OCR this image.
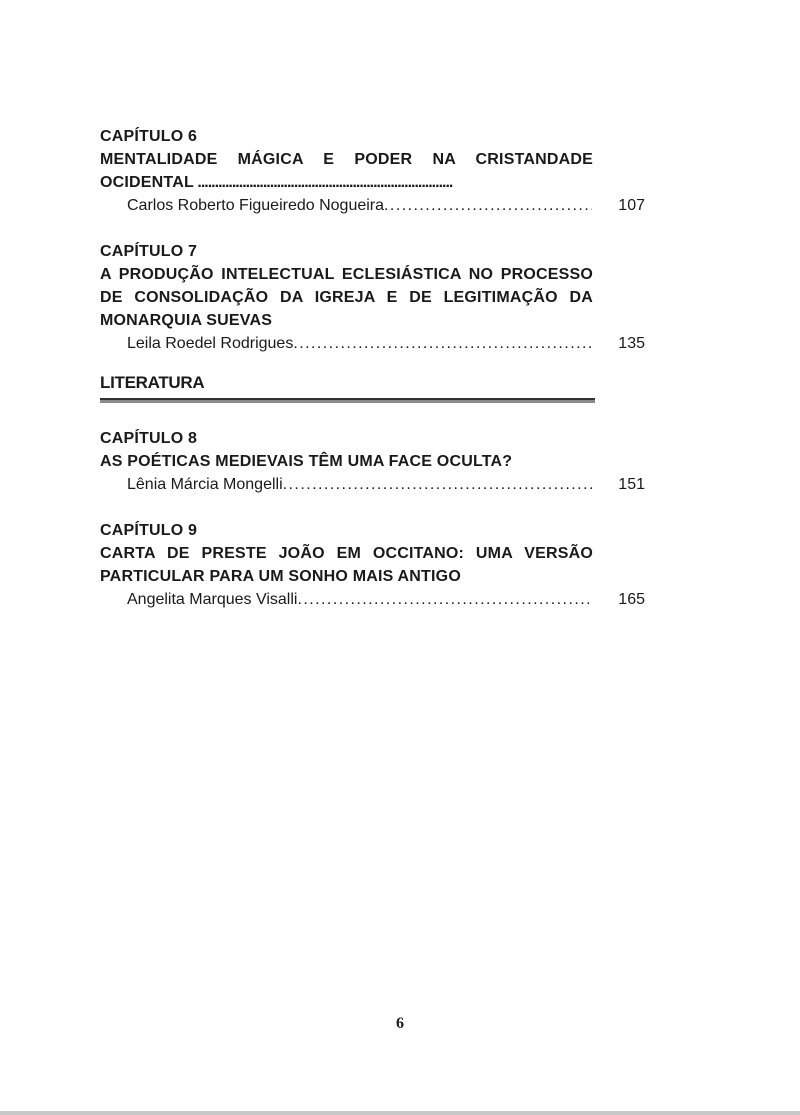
CAPÍTULO 6
MENTALIDADE MÁGICA E PODER NA CRISTANDADE OCIDENTAL ..........................................................................
Carlos Roberto Figueiredo Nogueira . . .	107
CAPÍTULO 7
A PRODUÇÃO INTELECTUAL ECLESIÁSTICA NO PROCESSO DE CONSOLIDAÇÃO DA IGREJA E DE LEGITIMAÇÃO DA MONARQUIA SUEVAS
Leila Roedel Rodrigues . . .	135
LITERATURA
CAPÍTULO 8
AS POÉTICAS MEDIEVAIS TÊM UMA FACE OCULTA?
Lênia Márcia Mongelli . . .	151
CAPÍTULO 9
CARTA DE PRESTE JOÃO EM OCCITANO: UMA VERSÃO PARTICULAR PARA UM SONHO MAIS ANTIGO
Angelita Marques Visalli . . .	165
6
